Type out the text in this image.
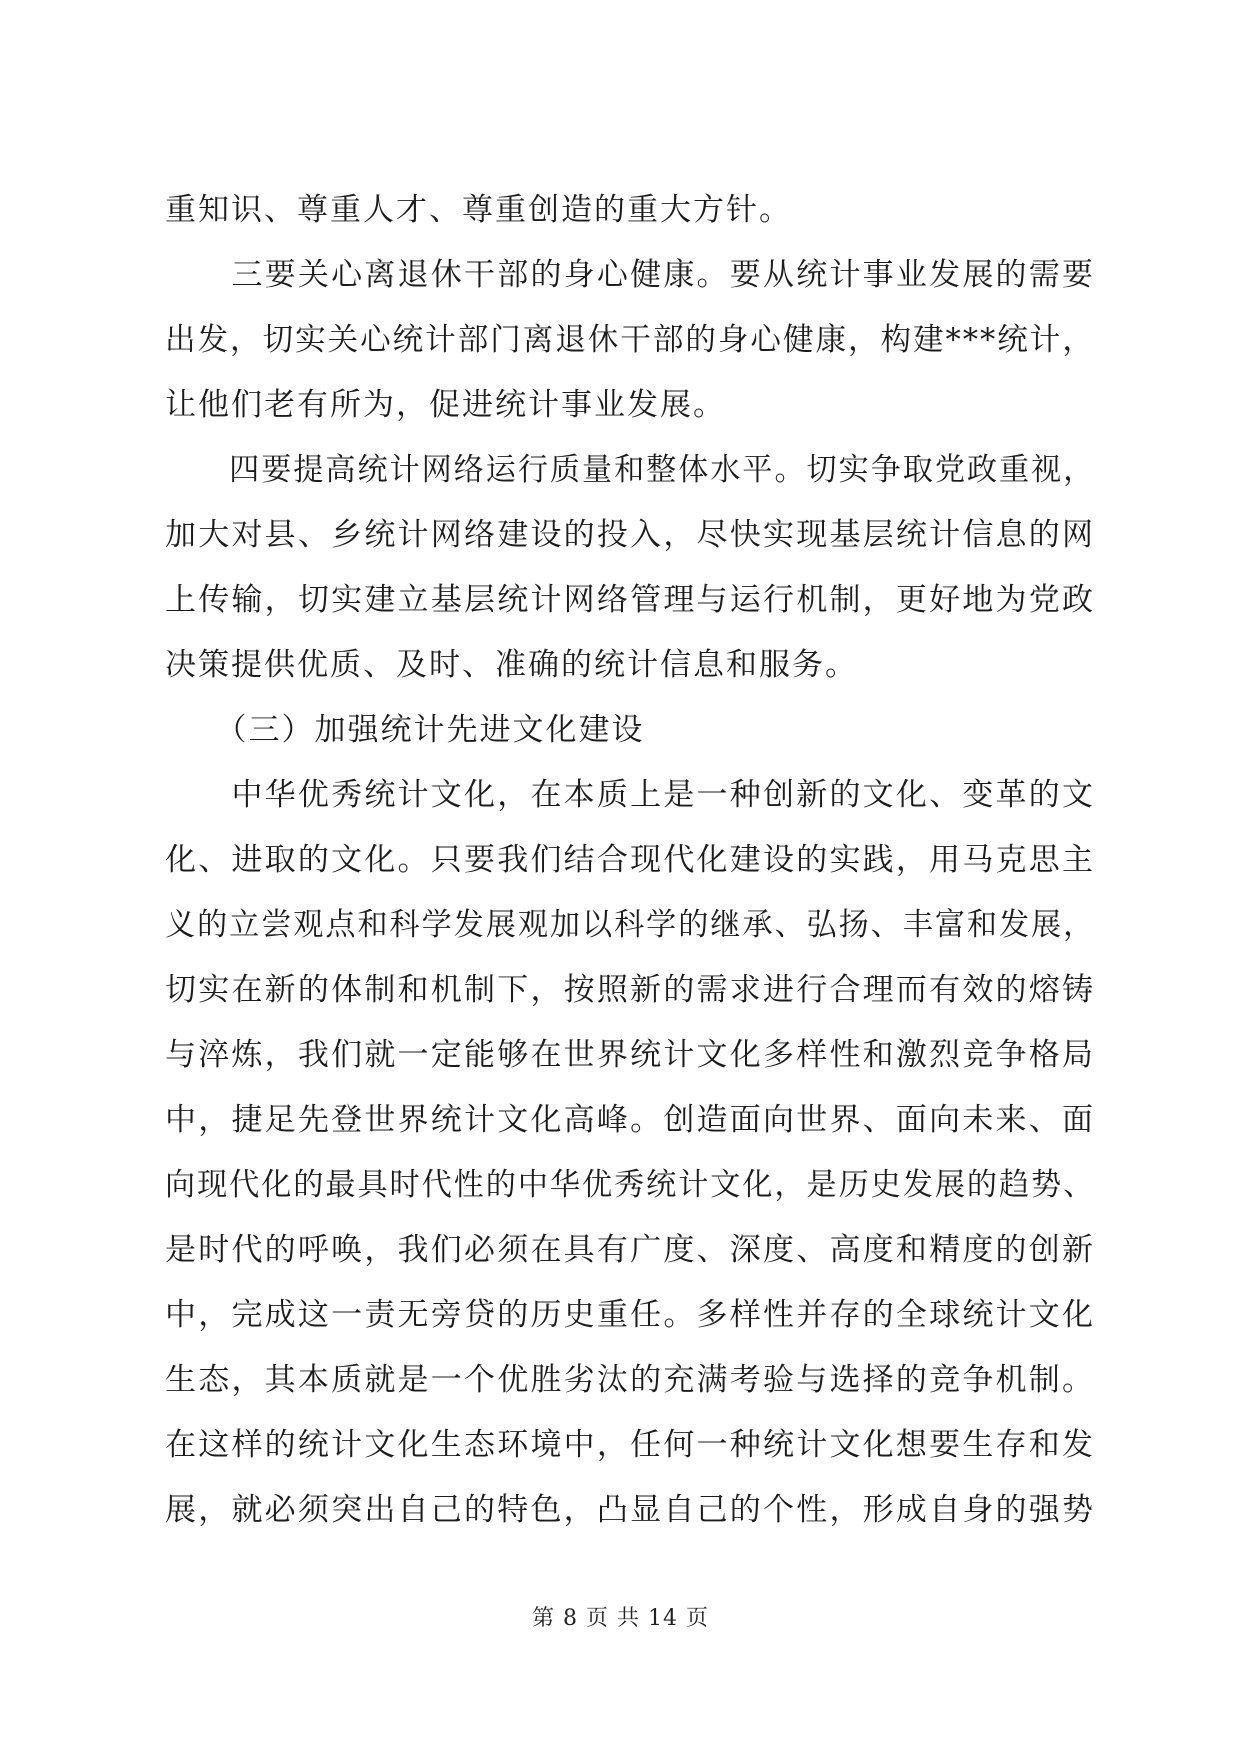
重知识、尊重人才、尊重创造的重大方针。
　　三要关心离退休干部的身心健康。要从统计事业发展的需要
出发，切实关心统计部门离退休干部的身心健康，构建***统计，
让他们老有所为，促进统计事业发展。
　　四要提高统计网络运行质量和整体水平。切实争取党政重视，
加大对县、乡统计网络建设的投入，尽快实现基层统计信息的网
上传输，切实建立基层统计网络管理与运行机制，更好地为党政
决策提供优质、及时、准确的统计信息和服务。
　　（三）加强统计先进文化建设
　　中华优秀统计文化，在本质上是一种创新的文化、变革的文
化、进取的文化。只要我们结合现代化建设的实践，用马克思主
义的立尝观点和科学发展观加以科学的继承、弘扬、丰富和发展，
切实在新的体制和机制下，按照新的需求进行合理而有效的熔铸
与淬炼，我们就一定能够在世界统计文化多样性和激烈竞争格局
中，捷足先登世界统计文化高峰。创造面向世界、面向未来、面
向现代化的最具时代性的中华优秀统计文化，是历史发展的趋势、
是时代的呼唤，我们必须在具有广度、深度、高度和精度的创新
中，完成这一责无旁贷的历史重任。多样性并存的全球统计文化
生态，其本质就是一个优胜劣汰的充满考验与选择的竞争机制。
在这样的统计文化生态环境中，任何一种统计文化想要生存和发
展，就必须突出自己的特色，凸显自己的个性，形成自身的强势
第 8 页 共 14 页
